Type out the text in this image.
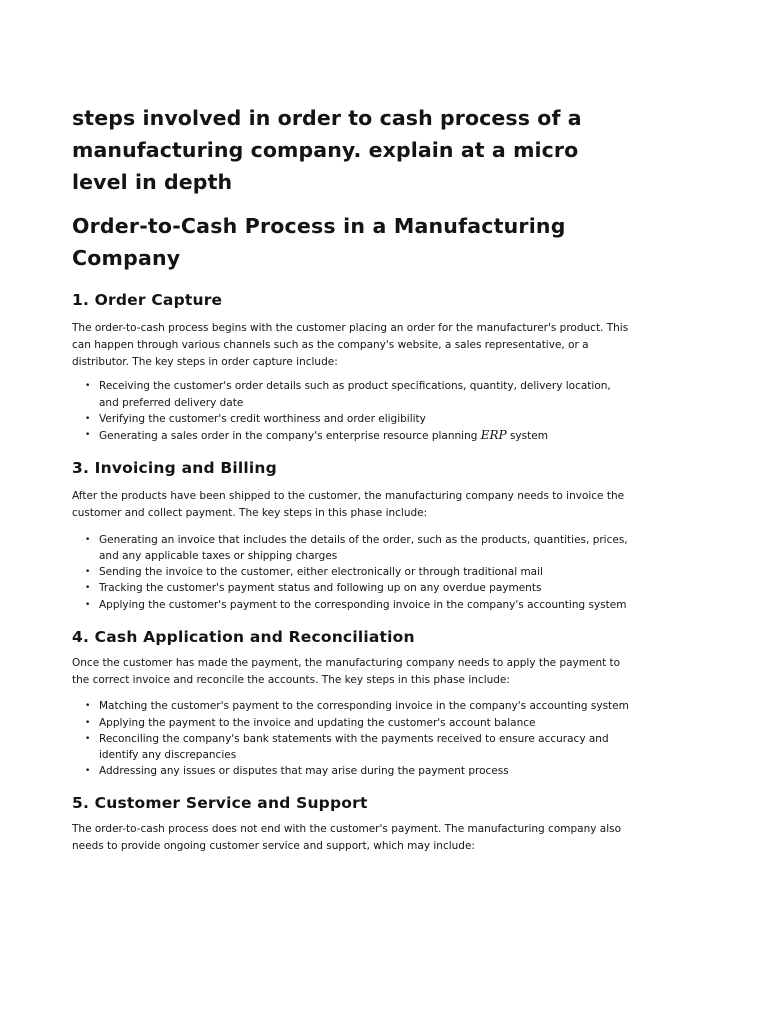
steps involved in order to cash process of a manufacturing company. explain at a micro level in depth
Order-to-Cash Process in a Manufacturing Company
1. Order Capture

The order-to-cash process begins with the customer placing an order for the manufacturer's product. This can happen through various channels such as the company's website, a sales representative, or a distributor. The key steps in order capture include:

• Receiving the customer's order details such as product specifications, quantity, delivery location, and preferred delivery date
• Verifying the customer's credit worthiness and order eligibility
• Generating a sales order in the company's enterprise resource planning ERP system
3. Invoicing and Billing

After the products have been shipped to the customer, the manufacturing company needs to invoice the customer and collect payment. The key steps in this phase include:

• Generating an invoice that includes the details of the order, such as the products, quantities, prices, and any applicable taxes or shipping charges
• Sending the invoice to the customer, either electronically or through traditional mail
• Tracking the customer's payment status and following up on any overdue payments
• Applying the customer's payment to the corresponding invoice in the company's accounting system
4. Cash Application and Reconciliation

Once the customer has made the payment, the manufacturing company needs to apply the payment to the correct invoice and reconcile the accounts. The key steps in this phase include:

• Matching the customer's payment to the corresponding invoice in the company's accounting system
• Applying the payment to the invoice and updating the customer's account balance
• Reconciling the company's bank statements with the payments received to ensure accuracy and identify any discrepancies
• Addressing any issues or disputes that may arise during the payment process
5. Customer Service and Support

The order-to-cash process does not end with the customer's payment. The manufacturing company also needs to provide ongoing customer service and support, which may include:
